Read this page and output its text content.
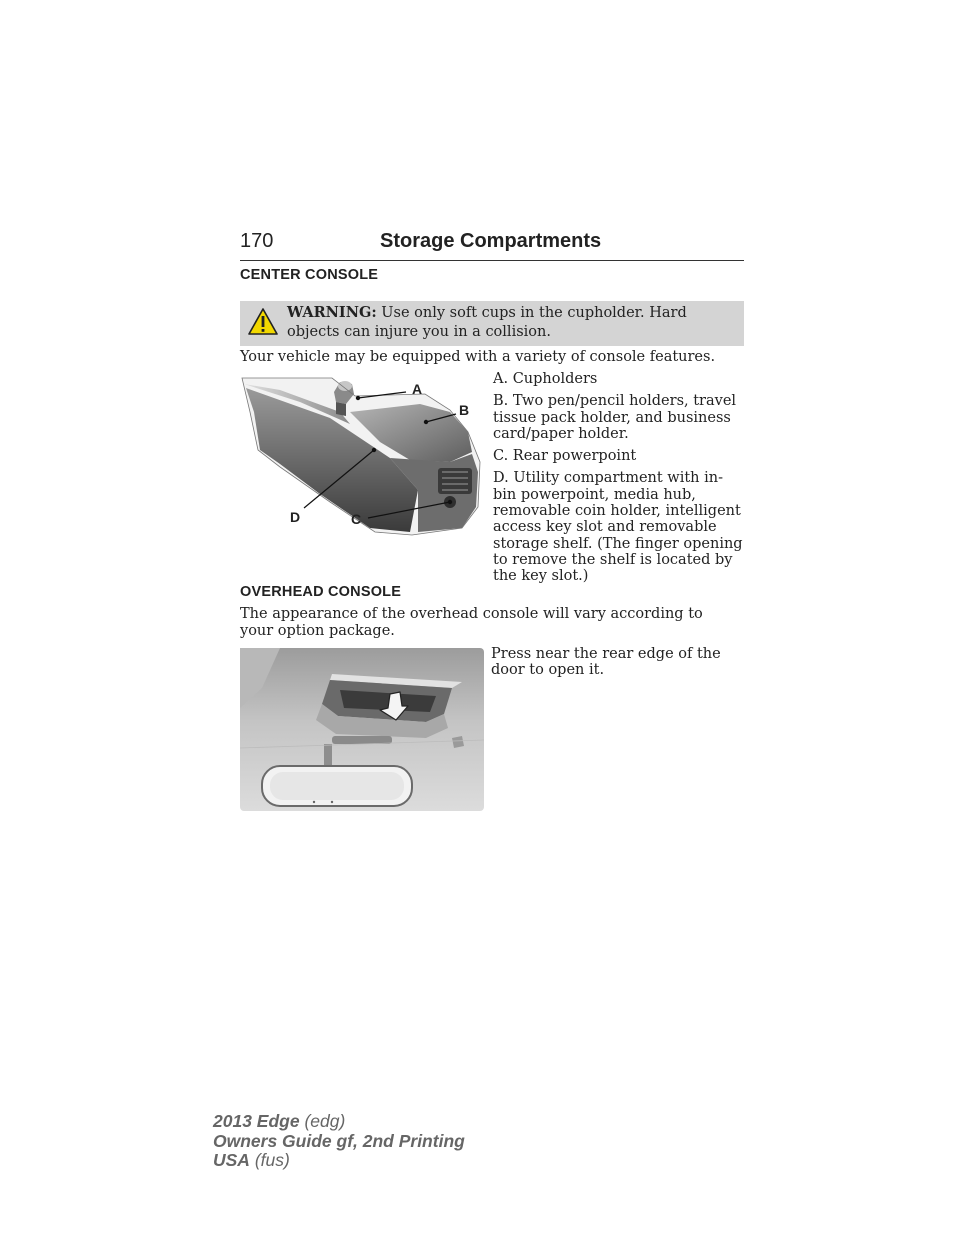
170	Storage Compartments
CENTER CONSOLE
WARNING: Use only soft cups in the cupholder. Hard objects can injure you in a collision.
Your vehicle may be equipped with a variety of console features.
A
B
C
D

A. Cupholders

B. Two pen/pencil holders, travel tissue pack holder, and business card/paper holder.

C. Rear powerpoint

D. Utility compartment with in-bin powerpoint, media hub, removable coin holder, intelligent access key slot and removable storage shelf. (The finger opening to remove the shelf is located by the key slot.)

OVERHEAD CONSOLE
The appearance of the overhead console will vary according to your option package.
Press near the rear edge of the door to open it.
2013 Edge (edg)
Owners Guide gf, 2nd Printing
USA (fus)
